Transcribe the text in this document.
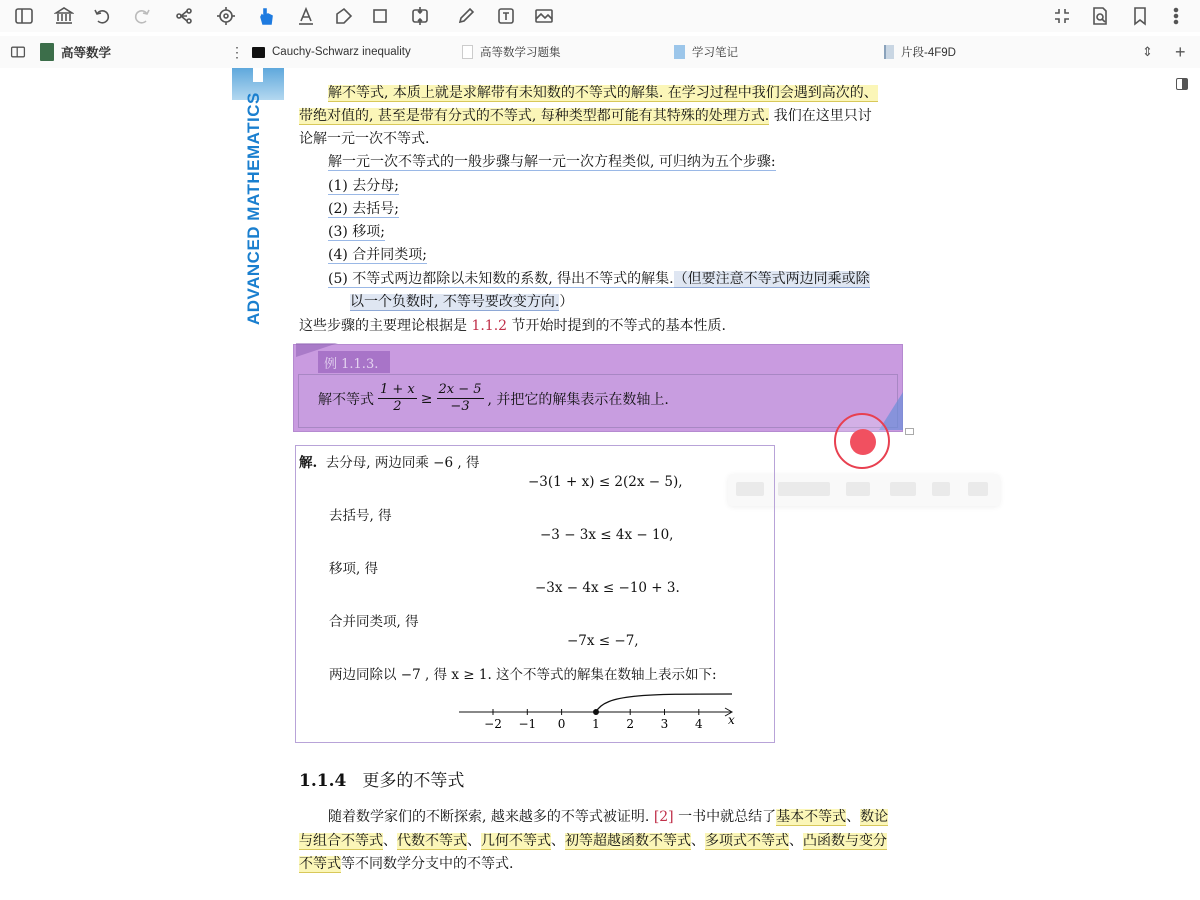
高等数学	⋮ Cauchy-Schwarz inequality	高等数学习题集	学习笔记	片段-4F9D	⇕ +
ADVANCED MATHEMATICS	解不等式, 本质上就是求解带有未知数的不等式的解集. 在学习过程中我们会遇到高次的、
带绝对值的, 甚至是带有分式的不等式, 每种类型都可能有其特殊的处理方式. 我们在这里只讨
论解一元一次不等式.
解一元一次不等式的一般步骤与解一元一次方程类似, 可归纳为五个步骤:
(1) 去分母;
(2) 去括号;
(3) 移项;
(4) 合并同类项;
(5) 不等式两边都除以未知数的系数, 得出不等式的解集.（但要注意不等式两边同乘或除
以一个负数时, 不等号要改变方向.）
这些步骤的主要理论根据是 1.1.2 节开始时提到的不等式的基本性质.
例 1.1.3.
解不等式 $\frac{1 + x}{2} \ge \frac{2x - 5}{-3}$ , 并把它的解集表示在数轴上.
解. 去分母, 两边同乘 −6 , 得
−3(1 + x) ≤ 2(2x − 5),
去括号, 得
−3 − 3x ≤ 4x − 10,
移项, 得
−3x − 4x ≤ −10 + 3.
合并同类项, 得
−7x ≤ −7,
两边同除以 −7 , 得 x ≥ 1. 这个不等式的解集在数轴上表示如下:
−2 −1 0 1 2 3 4 x
1.1.4 更多的不等式
随着数学家们的不断探索, 越来越多的不等式被证明. [2] 一书中就总结了基本不等式、数论
与组合不等式、代数不等式、几何不等式、初等超越函数不等式、多项式不等式、凸函数与变分
不等式等不同数学分支中的不等式.
